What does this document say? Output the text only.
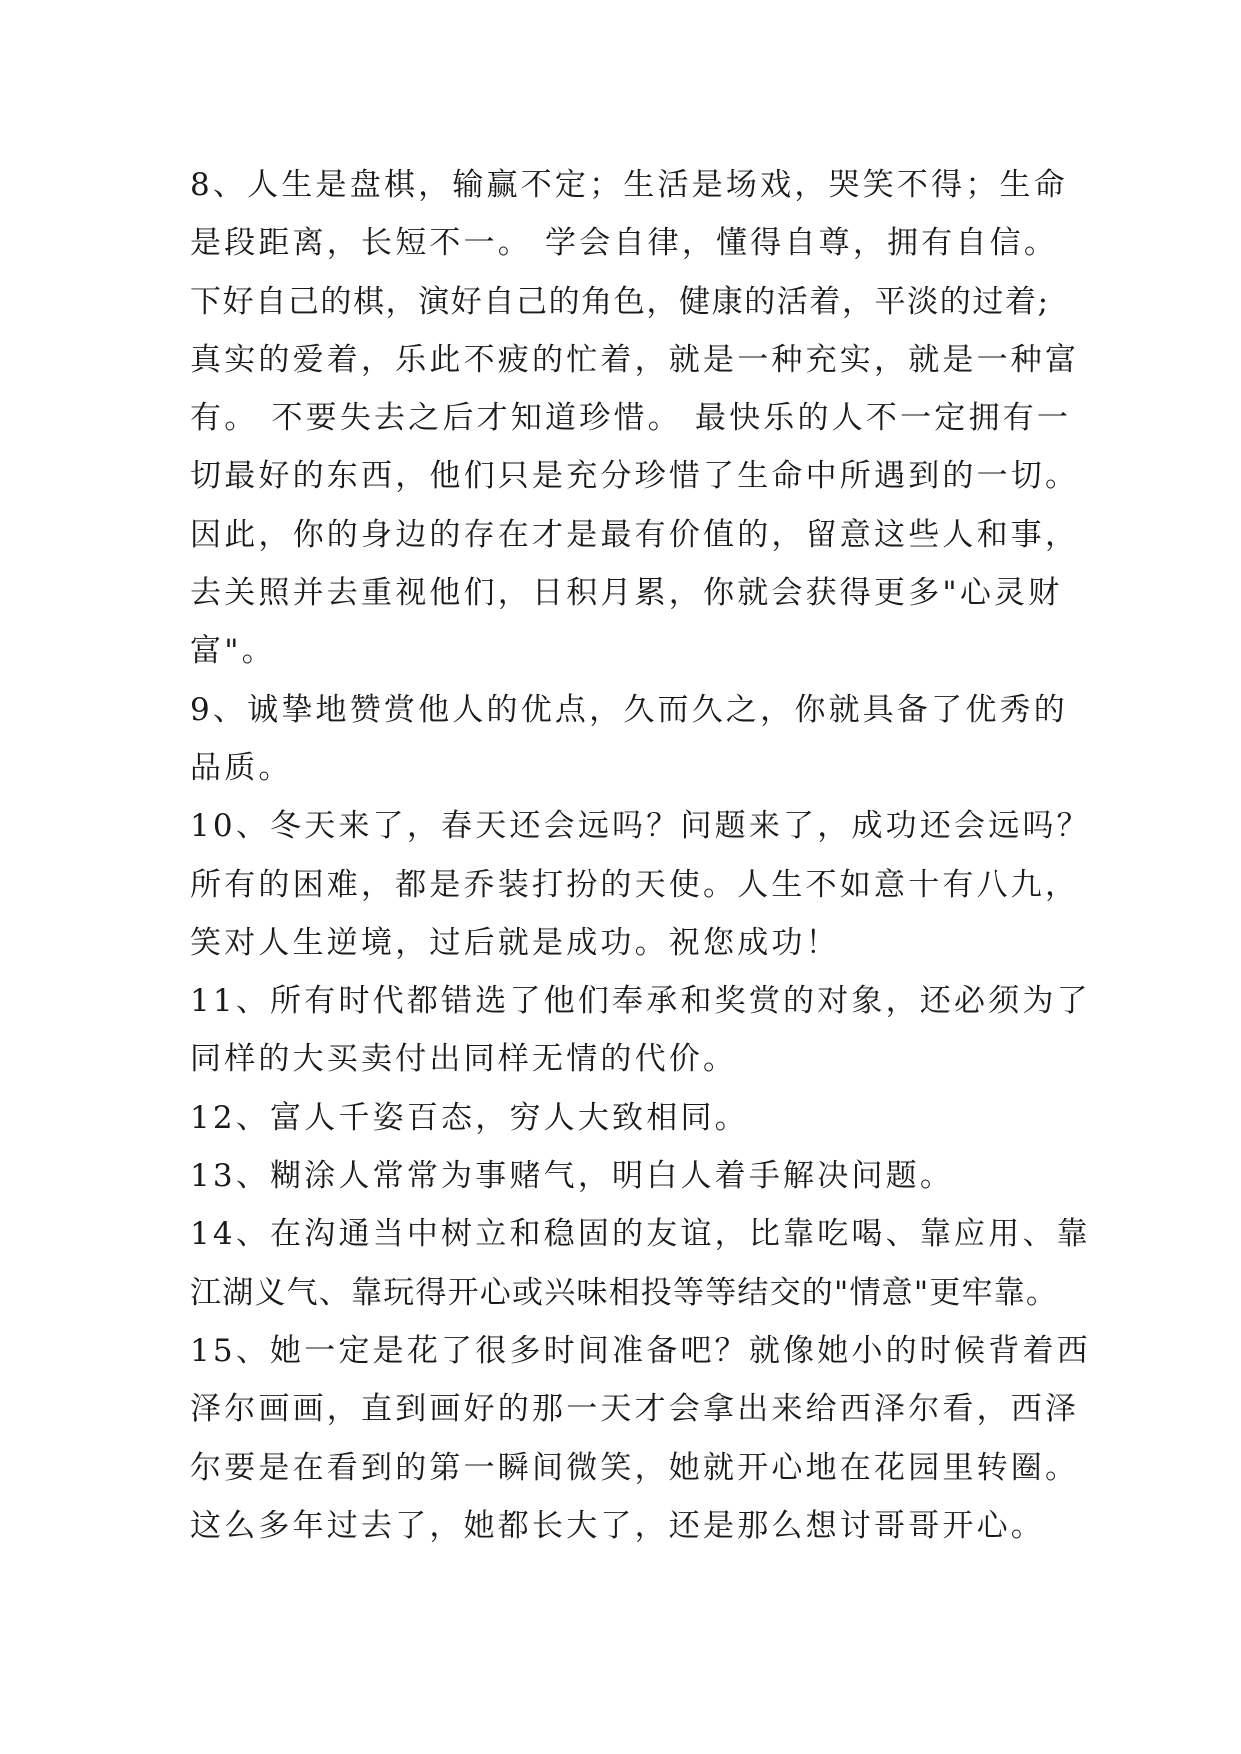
8、人生是盘棋，输赢不定；生活是场戏，哭笑不得；生命
是段距离，长短不一。 学会自律，懂得自尊，拥有自信。
下好自己的棋，演好自己的角色，健康的活着，平淡的过着;
真实的爱着，乐此不疲的忙着，就是一种充实，就是一种富
有。 不要失去之后才知道珍惜。 最快乐的人不一定拥有一
切最好的东西，他们只是充分珍惜了生命中所遇到的一切。
因此，你的身边的存在才是最有价值的，留意这些人和事，
去关照并去重视他们，日积月累，你就会获得更多"心灵财
富"。
9、诚挚地赞赏他人的优点，久而久之，你就具备了优秀的
品质。
10、冬天来了，春天还会远吗？问题来了，成功还会远吗？
所有的困难，都是乔装打扮的天使。人生不如意十有八九，
笑对人生逆境，过后就是成功。祝您成功！
11、所有时代都错选了他们奉承和奖赏的对象，还必须为了
同样的大买卖付出同样无情的代价。
12、富人千姿百态，穷人大致相同。
13、糊涂人常常为事赌气，明白人着手解决问题。
14、在沟通当中树立和稳固的友谊，比靠吃喝、靠应用、靠
江湖义气、靠玩得开心或兴味相投等等结交的"情意"更牢靠。
15、她一定是花了很多时间准备吧？就像她小的时候背着西
泽尔画画，直到画好的那一天才会拿出来给西泽尔看，西泽
尔要是在看到的第一瞬间微笑，她就开心地在花园里转圈。
这么多年过去了，她都长大了，还是那么想讨哥哥开心。
